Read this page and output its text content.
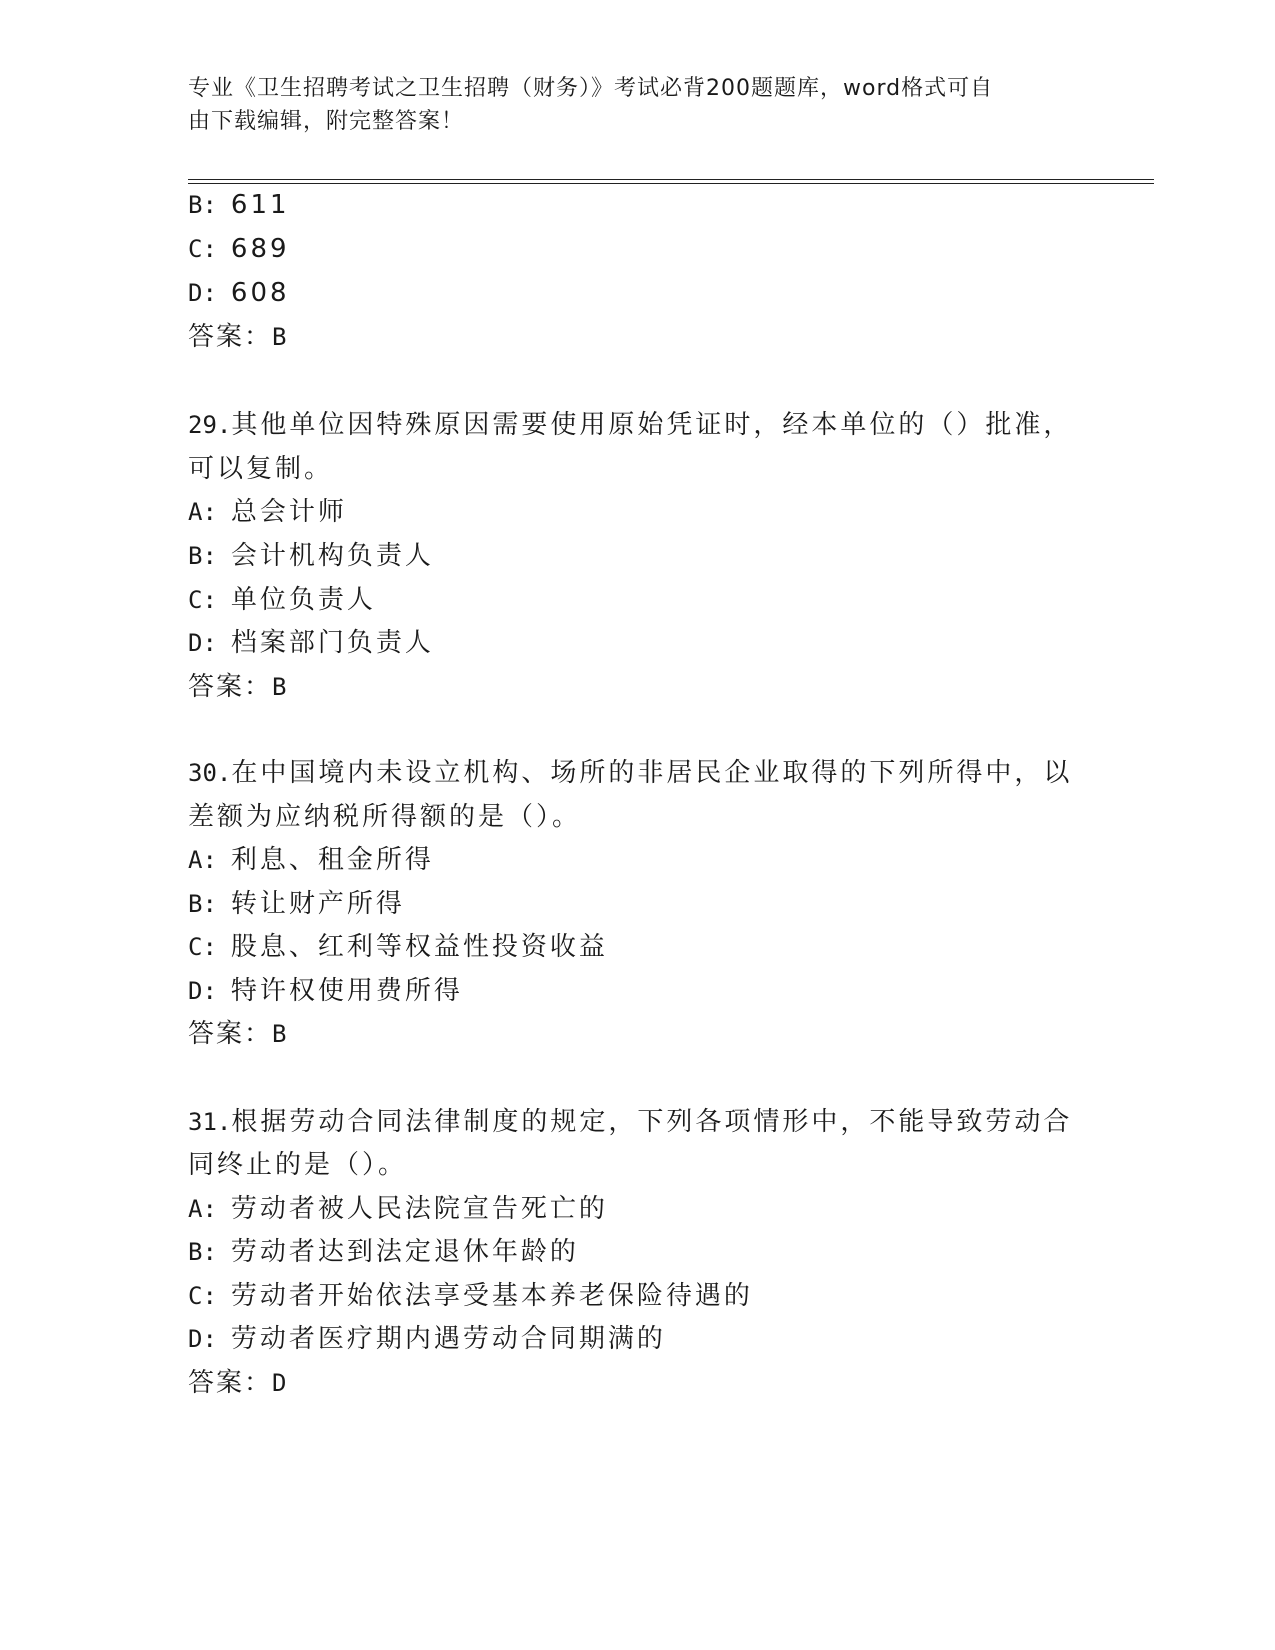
专业《卫生招聘考试之卫生招聘（财务）》考试必背200题题库，word格式可自
由下载编辑，附完整答案！
B: 611
C: 689
D: 608
答案：B
29.其他单位因特殊原因需要使用原始凭证时，经本单位的（）批准，
可以复制。
A: 总会计师
B: 会计机构负责人
C: 单位负责人
D: 档案部门负责人
答案：B
30.在中国境内未设立机构、场所的非居民企业取得的下列所得中，以
差额为应纳税所得额的是（）。
A: 利息、租金所得
B: 转让财产所得
C: 股息、红利等权益性投资收益
D: 特许权使用费所得
答案：B
31.根据劳动合同法律制度的规定，下列各项情形中，不能导致劳动合
同终止的是（）。
A: 劳动者被人民法院宣告死亡的
B: 劳动者达到法定退休年龄的
C: 劳动者开始依法享受基本养老保险待遇的
D: 劳动者医疗期内遇劳动合同期满的
答案：D
